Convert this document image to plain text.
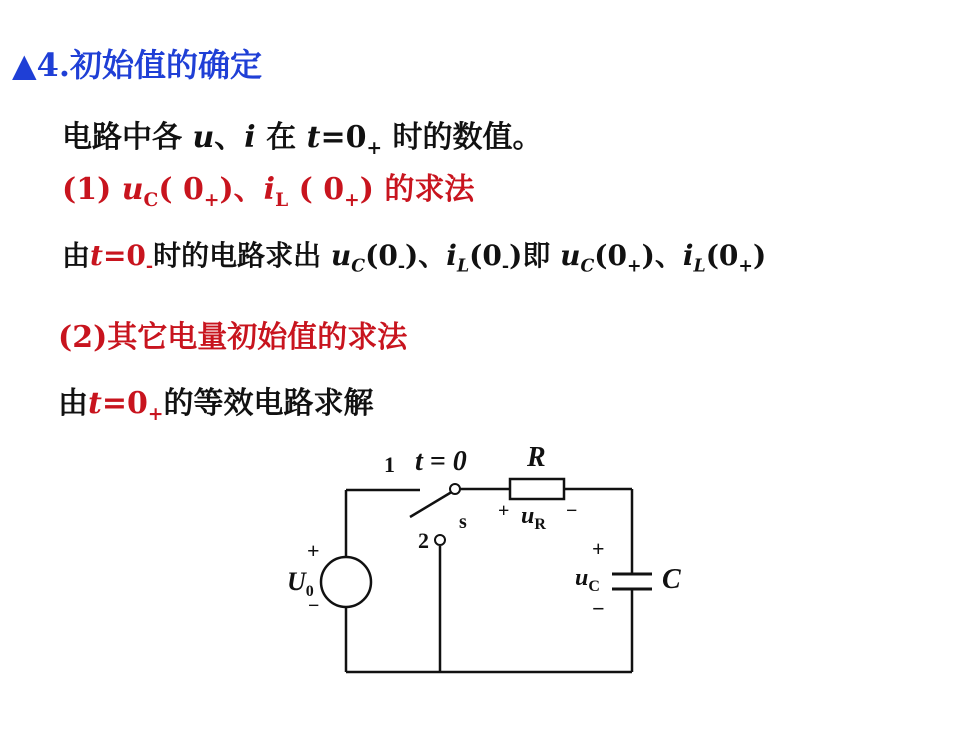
▲4.初始值的确定
电路中各 u、i 在 $t=0_+$ 时的数值。
(1) $u_C$( $0_+$)、$i_L$ ( $0_+$) 的求法
由$t=0_-$时的电路求出 $u_C(0_-)$、$i_L(0_-)$即 $u_C(0_+)$、$i_L(0_+)$
(2)其它电量初始值的求法
由$t=0_+$的等效电路求解
1 t = 0
2
s
R
+ $u_R$
−
+
$U_0$
−
+
$u_C$
−
C
